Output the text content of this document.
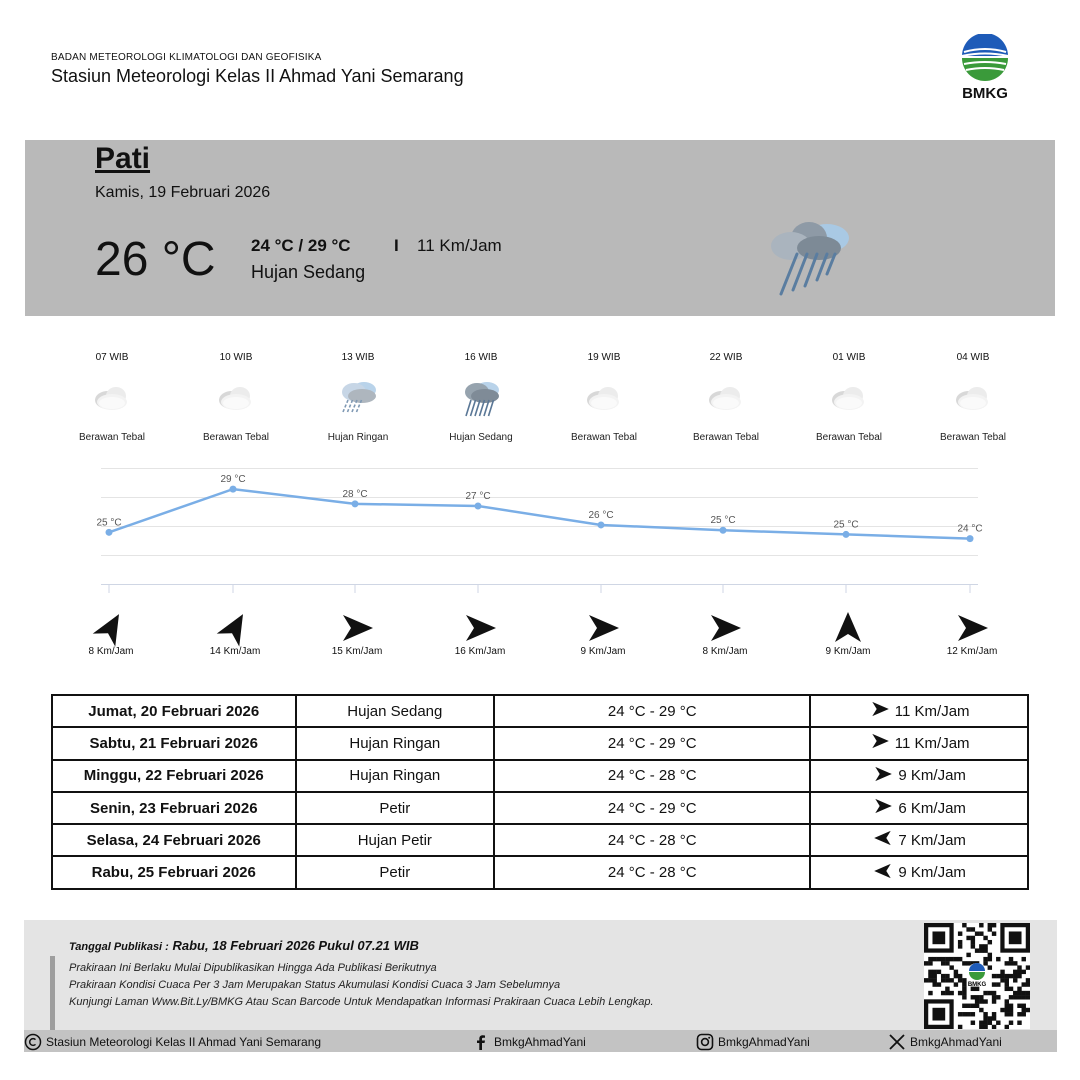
BADAN METEOROLOGI KLIMATOLOGI DAN GEOFISIKA
Stasiun Meteorologi Kelas II Ahmad Yani Semarang
BMKG
Pati
Kamis, 19 Februari 2026
26 °C 24 °C / 29 °C	I 11 Km/Jam
Hujan Sedang
07 WIB
Berawan Tebal
10 WIB
Berawan Tebal
13 WIB
Hujan Ringan
16 WIB
Hujan Sedang
19 WIB
Berawan Tebal
22 WIB
Berawan Tebal
01 WIB
Berawan Tebal
04 WIB
Berawan Tebal
25 °C
29 °C
28 °C	27 °C
26 °C	25 °C	25 °C	24 °C
8 Km/Jam	14 Km/Jam	15 Km/Jam	16 Km/Jam	9 Km/Jam	8 Km/Jam	9 Km/Jam	12 Km/Jam
Jumat, 20 Februari 2026	Hujan Sedang	24 °C - 29 °C	11 Km/Jam

Sabtu, 21 Februari 2026	Hujan Ringan	24 °C - 29 °C	11 Km/Jam

Minggu, 22 Februari 2026	Hujan Ringan	24 °C - 28 °C	9 Km/Jam

Senin, 23 Februari 2026	Petir	24 °C - 29 °C	6 Km/Jam

Selasa, 24 Februari 2026	Hujan Petir	24 °C - 28 °C	7 Km/Jam

Rabu, 25 Februari 2026	Petir	24 °C - 28 °C	9 Km/Jam
Tanggal Publikasi : Rabu, 18 Februari 2026 Pukul 07.21 WIB
Prakiraan Ini Berlaku Mulai Dipublikasikan Hingga Ada Publikasi Berikutnya
Prakiraan Kondisi Cuaca Per 3 Jam Merupakan Status Akumulasi Kondisi Cuaca 3 Jam Sebelumnya
Kunjungi Laman Www.Bit.Ly/BMKG Atau Scan Barcode Untuk Mendapatkan Informasi Prakiraan Cuaca Lebih Lengkap.
BMKG
Stasiun Meteorologi Kelas II Ahmad Yani Semarang	BmkgAhmadYani	BmkgAhmadYani	BmkgAhmadYani
